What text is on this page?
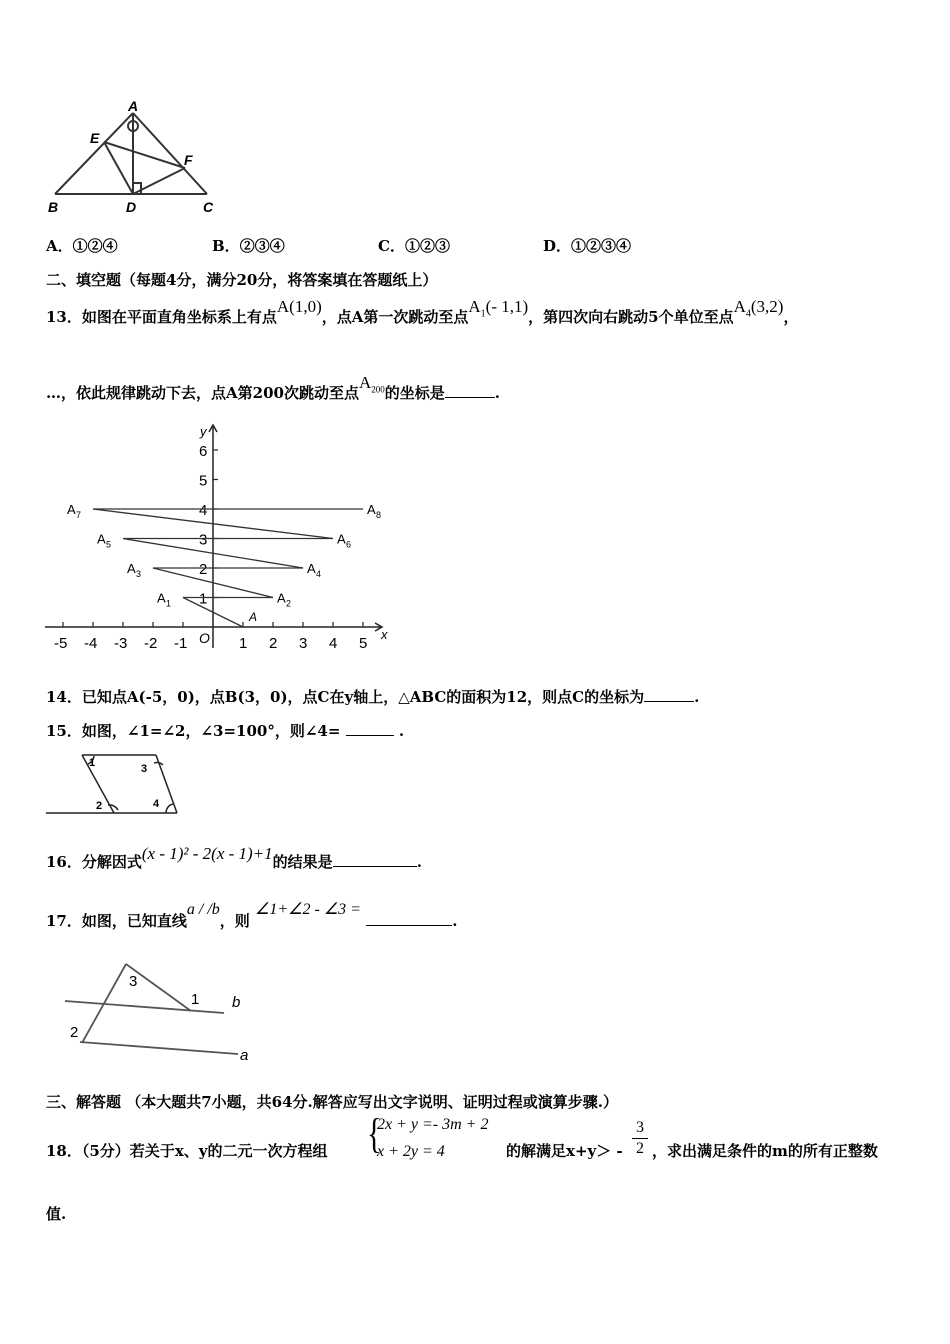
A
E
F
B	D	C
A．①②④	B．②③④	C．①②③	D．①②③④
二、填空题（每题4分，满分20分，将答案填在答题纸上）
13．如图在平面直角坐标系上有点A(1,0)，点A第一次跳动至点$A_1(-$ 1,1)，第四次向右跳动5个单位至点$A_4(3,2)$，
…，依此规律跳动下去，点A第200次跳动至点$A_{200}$的坐标是	.
x
y
O
-5 -4 -3 -2 -1	1 2 3 4 5
1
2
3
4
5
6
A
A 1	A 2
A 3	A 4
A 5	A 6
A 7	A 8
14．已知点A(-5，0)，点B(3，0)，点C在y轴上，△ABC的面积为12，则点C的坐标为	.
15．如图，∠1=∠2，∠3=100°，则∠4=	.
1	3
2	4
16．分解因式(x - 1)² - 2(x - 1)+1的结果是	.
17．如图，已知直线a / /b，则 ∠1+∠2 - ∠3 = .
3
1
2
b
a
三、解答题 （本大题共7小题，共64分.解答应写出文字说明、证明过程或演算步骤.）
18．（5分）若关于x、y的二元一次方程组 {
2x + y =- 3m + 2
x + 2y = 4	的解满足x+y＞ -
3
2 ，求出满足条件的m的所有正整数
值.
